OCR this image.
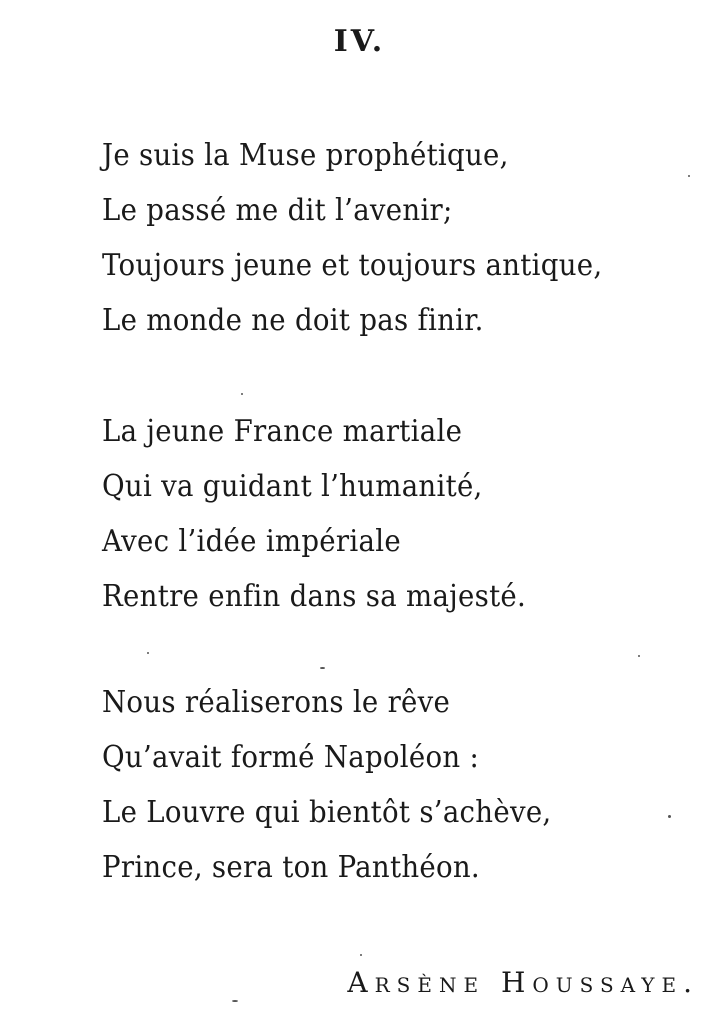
IV.
Je suis la Muse prophétique,
Le passé me dit l’avenir;
Toujours jeune et toujours antique,
Le monde ne doit pas finir.
La jeune France martiale
Qui va guidant l’humanité,
Avec l’idée impériale
Rentre enfin dans sa majesté.
Nous réaliserons le rêve
Qu’avait formé Napoléon :
Le Louvre qui bientôt s’achève,
Prince, sera ton Panthéon.
Arsène Houssaye.
